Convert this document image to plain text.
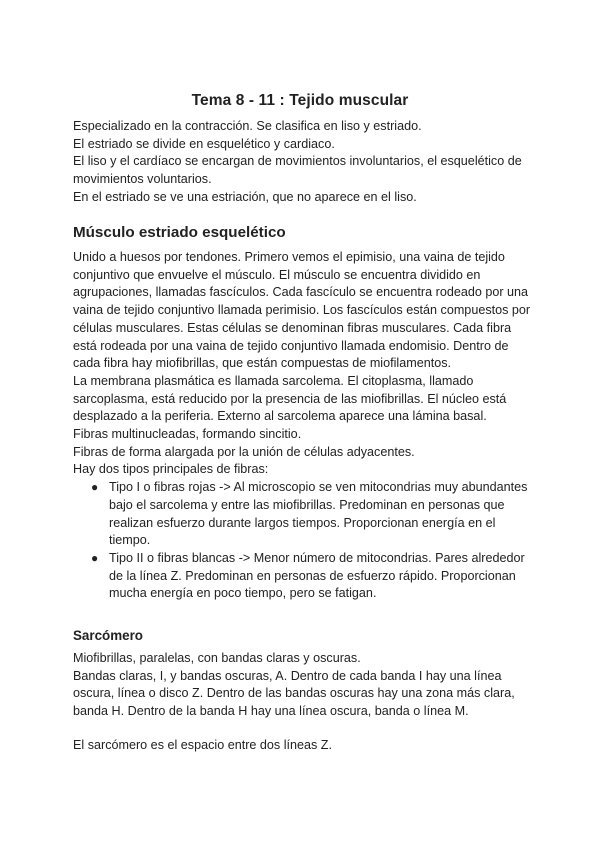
Tema 8 - 11 : Tejido muscular

Especializado en la contracción. Se clasifica en liso y estriado.

El estriado se divide en esquelético y cardiaco.

El liso y el cardíaco se encargan de movimientos involuntarios, el esquelético de movimientos voluntarios.

En el estriado se ve una estriación, que no aparece en el liso.

Músculo estriado esquelético

Unido a huesos por tendones. Primero vemos el epimisio, una vaina de tejido conjuntivo que envuelve el músculo. El músculo se encuentra dividido en agrupaciones, llamadas fascículos. Cada fascículo se encuentra rodeado por una vaina de tejido conjuntivo llamada perimisio. Los fascículos están compuestos por células musculares. Estas células se denominan fibras musculares. Cada fibra está rodeada por una vaina de tejido conjuntivo llamada endomisio. Dentro de cada fibra hay miofibrillas, que están compuestas de miofilamentos.

La membrana plasmática es llamada sarcolema. El citoplasma, llamado sarcoplasma, está reducido por la presencia de las miofibrillas. El núcleo está desplazado a la periferia. Externo al sarcolema aparece una lámina basal.

Fibras multinucleadas, formando sincitio.

Fibras de forma alargada por la unión de células adyacentes.

Hay dos tipos principales de fibras:

● Tipo I o fibras rojas -> Al microscopio se ven mitocondrias muy abundantes bajo el sarcolema y entre las miofibrillas. Predominan en personas que realizan esfuerzo durante largos tiempos. Proporcionan energía en el tiempo.
● Tipo II o fibras blancas -> Menor número de mitocondrias. Pares alrededor de la línea Z. Predominan en personas de esfuerzo rápido. Proporcionan mucha energía en poco tiempo, pero se fatigan.
Sarcómero

Miofibrillas, paralelas, con bandas claras y oscuras.

Bandas claras, I, y bandas oscuras, A. Dentro de cada banda I hay una línea oscura, línea o disco Z. Dentro de las bandas oscuras hay una zona más clara, banda H. Dentro de la banda H hay una línea oscura, banda o línea M.

El sarcómero es el espacio entre dos líneas Z.
